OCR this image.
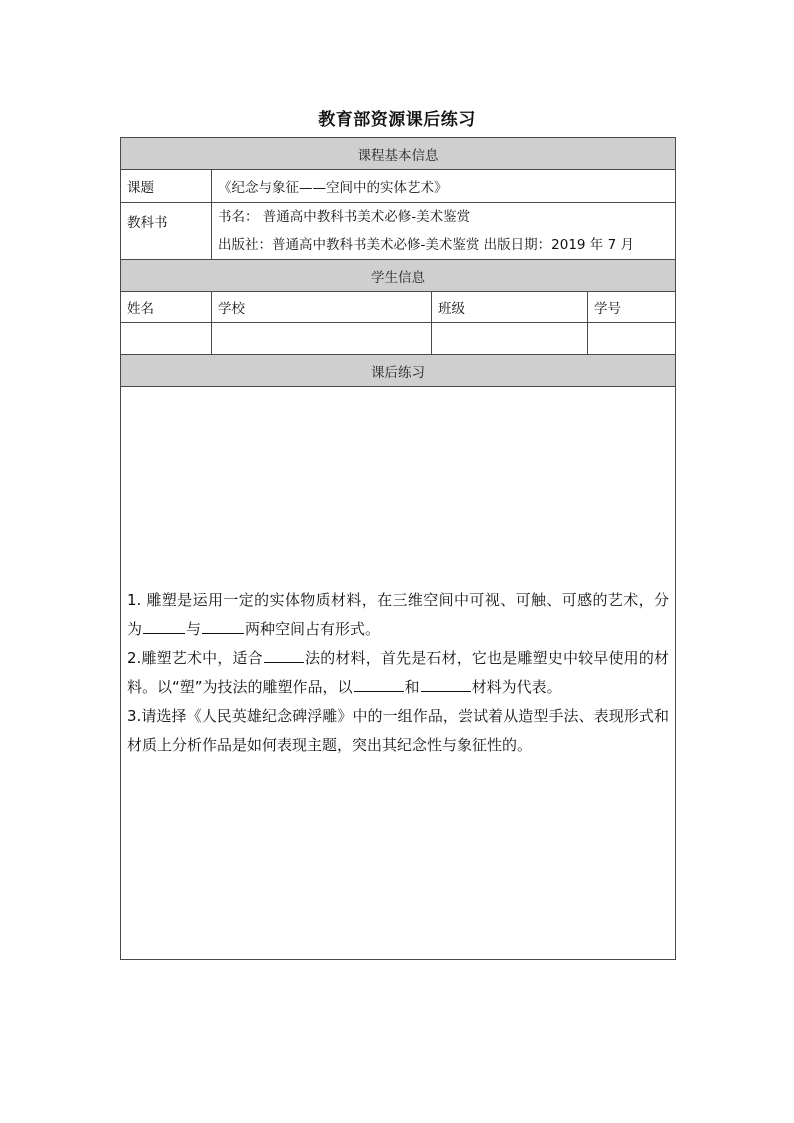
教育部资源课后练习
课程基本信息			
课题	《纪念与象征——空间中的实体艺术》		
教科书	书名： 普通高中教科书美术必修-美术鉴赏
出版社：普通高中教科书美术必修-美术鉴赏 出版日期：2019 年 7 月		

学生信息			
姓名	学校	班级	学号

课后练习			

1. 雕塑是运用一定的实体物质材料，在三维空间中可视、可触、可感的艺术，分为 与 两种空间占有形式。

2.雕塑艺术中，适合 法的材料，首先是石材，它也是雕塑史中较早使用的材料。以“塑”为技法的雕塑作品，以 和 材料为代表。

3.请选择《人民英雄纪念碑浮雕》中的一组作品，尝试着从造型手法、表现形式和材质上分析作品是如何表现主题，突出其纪念性与象征性的。			
